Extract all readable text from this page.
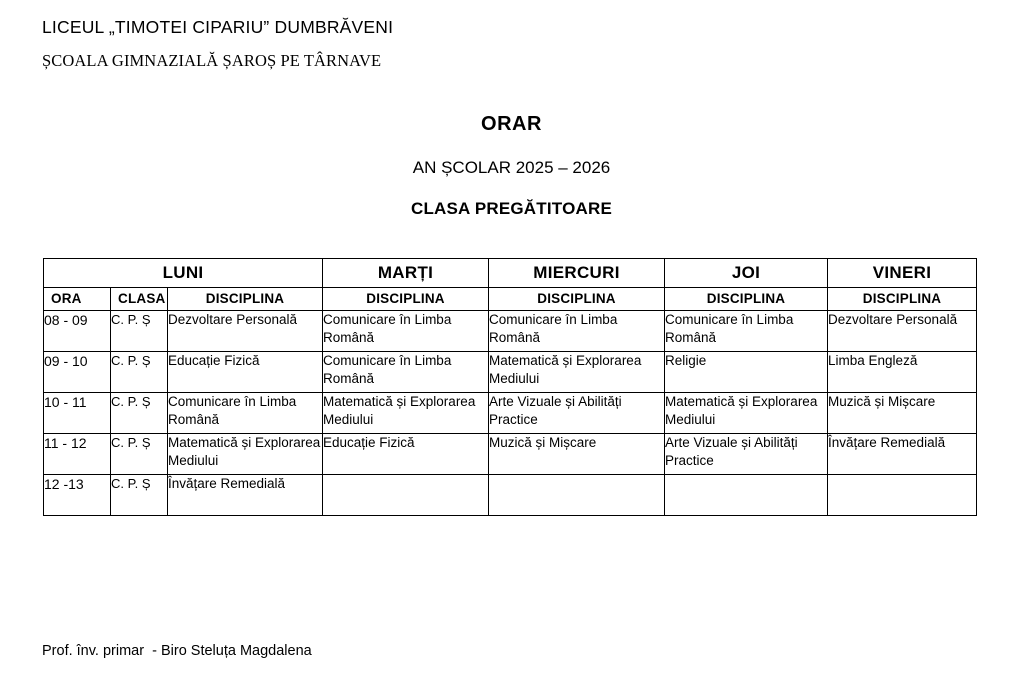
LICEUL „TIMOTEI CIPARIU” DUMBRĂVENI
ȘCOALA GIMNAZIALĂ ȘAROȘ PE TÂRNAVE
ORAR
AN ȘCOLAR 2025 – 2026
CLASA PREGĂTITOARE
LUNI			MARȚI	MIERCURI	JOI	VINERI
ORA	CLASA	DISCIPLINA	DISCIPLINA	DISCIPLINA	DISCIPLINA	DISCIPLINA
08 - 09	C. P. Ș	Dezvoltare Personală	Comunicare în Limba Română	Comunicare în Limba Română	Comunicare în Limba Română	Dezvoltare Personală
09 - 10	C. P. Ș	Educație Fizică	Comunicare în Limba Română	Matematică și Explorarea Mediului	Religie	Limba Engleză
10 - 11	C. P. Ș	Comunicare în Limba Română	Matematică și Explorarea Mediului	Arte Vizuale și Abilități Practice	Matematică și Explorarea Mediului	Muzică și Mișcare
11 - 12	C. P. Ș	Matematică și Explorarea Mediului	Educație Fizică	Muzică și Mișcare	Arte Vizuale și Abilități Practice	Învățare Remedială
12 -13	C. P. Ș	Învățare Remedială				
Prof. înv. primar  - Biro Steluța Magdalena
